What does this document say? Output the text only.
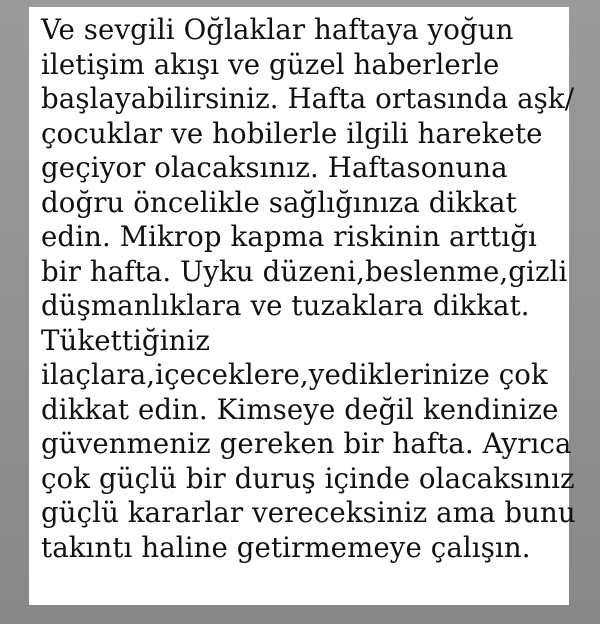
Ve sevgili Oğlaklar haftaya yoğun
iletişim akışı ve güzel haberlerle
başlayabilirsiniz. Hafta ortasında aşk/
çocuklar ve hobilerle ilgili harekete
geçiyor olacaksınız. Haftasonuna
doğru öncelikle sağlığınıza dikkat
edin. Mikrop kapma riskinin arttığı
bir hafta. Uyku düzeni,beslenme,gizli
düşmanlıklara ve tuzaklara dikkat.
Tükettiğiniz
ilaçlara,içeceklere,yediklerinize çok
dikkat edin. Kimseye değil kendinize
güvenmeniz gereken bir hafta. Ayrıca
çok güçlü bir duruş içinde olacaksınız
güçlü kararlar vereceksiniz ama bunu
takıntı haline getirmemeye çalışın.
